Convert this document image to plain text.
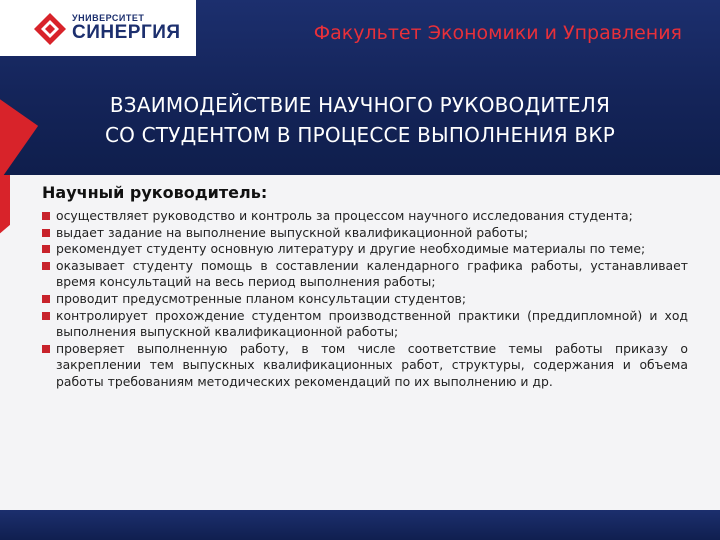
УНИВЕРСИТЕТ
СИНЕРГИЯ	Факультет Экономики и Управления
ВЗАИМОДЕЙСТВИЕ НАУЧНОГО РУКОВОДИТЕЛЯ
СО СТУДЕНТОМ В ПРОЦЕССЕ ВЫПОЛНЕНИЯ ВКР
Научный руководитель:
осуществляет руководство и контроль за процессом научного исследования студента;
выдает задание на выполнение выпускной квалификационной работы;
рекомендует студенту основную литературу и другие необходимые материалы по теме;
оказывает студенту помощь в составлении календарного графика работы, устанавливает время консультаций на весь период выполнения работы;
проводит предусмотренные планом консультации студентов;
контролирует прохождение студентом производственной практики (преддипломной) и ход выполнения выпускной квалификационной работы;
проверяет выполненную работу, в том числе соответствие темы работы приказу о закреплении тем выпускных квалификационных работ, структуры, содержания и объема работы требованиям методических рекомендаций по их выполнению и др.
